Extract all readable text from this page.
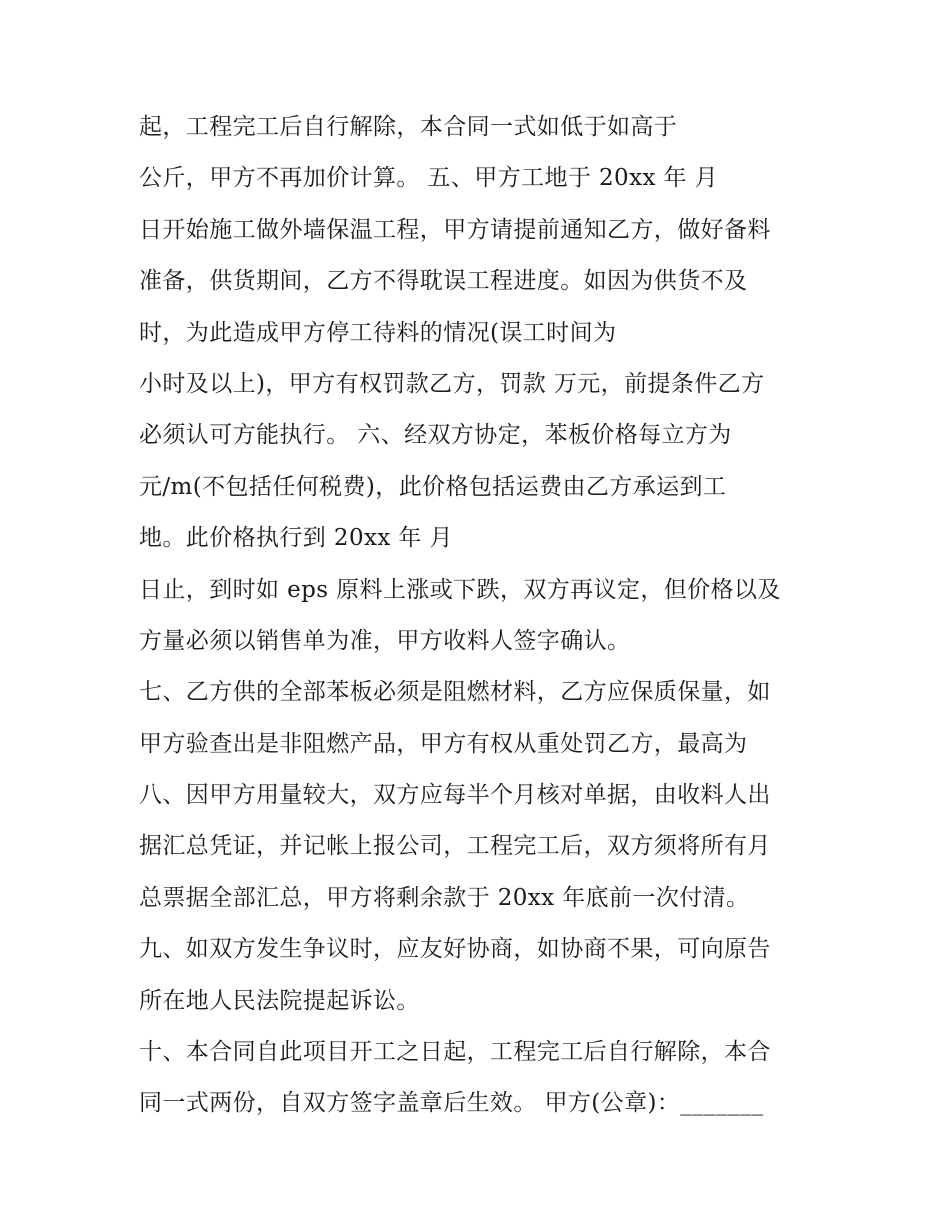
起，工程完工后自行解除，本合同一式如低于如高于
公斤，甲方不再加价计算。 五、甲方工地于 20xx 年 月
日开始施工做外墙保温工程，甲方请提前通知乙方，做好备料
准备，供货期间，乙方不得耽误工程进度。如因为供货不及
时，为此造成甲方停工待料的情况(误工时间为
小时及以上)，甲方有权罚款乙方，罚款 万元，前提条件乙方
必须认可方能执行。 六、经双方协定，苯板价格每立方为
元/m(不包括任何税费)，此价格包括运费由乙方承运到工
地。此价格执行到 20xx 年 月
日止，到时如 eps 原料上涨或下跌，双方再议定，但价格以及
方量必须以销售单为准，甲方收料人签字确认。
七、乙方供的全部苯板必须是阻燃材料，乙方应保质保量，如
甲方验查出是非阻燃产品，甲方有权从重处罚乙方，最高为
八、因甲方用量较大，双方应每半个月核对单据，由收料人出
据汇总凭证，并记帐上报公司，工程完工后，双方须将所有月
总票据全部汇总，甲方将剩余款于 20xx 年底前一次付清。
九、如双方发生争议时，应友好协商，如协商不果，可向原告
所在地人民法院提起诉讼。
十、本合同自此项目开工之日起，工程完工后自行解除，本合
同一式两份，自双方签字盖章后生效。 甲方(公章)：_______
